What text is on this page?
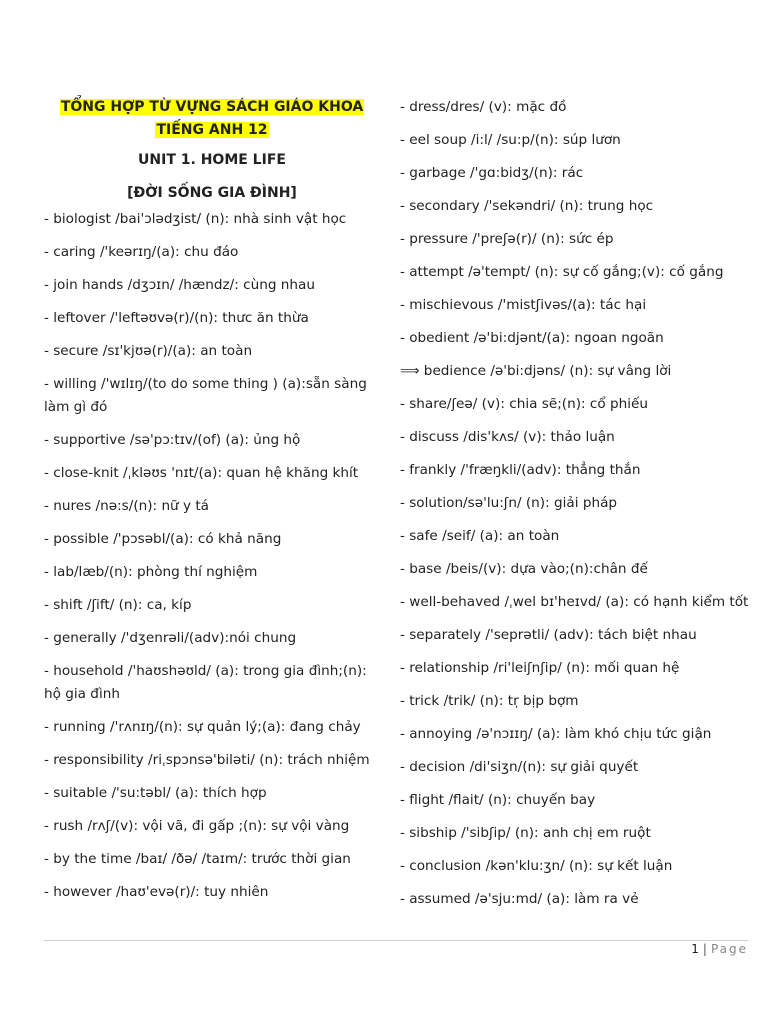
TỔNG HỢP TỪ VỰNG SÁCH GIÁO KHOA
TIẾNG ANH 12
UNIT 1. HOME LIFE
[ĐỜI SỐNG GIA ĐÌNH]
- biologist /bai'ɔlədʒist/ (n): nhà sinh vật học
- caring /'keərɪŋ/(a): chu đáo
- join hands /dʒɔɪn/ /hændz/: cùng nhau
- leftover /'leftəʊvə(r)/(n): thưc ăn thừa
- secure /sɪ'kjʊə(r)/(a): an toàn
- willing /'wɪlɪŋ/(to do some thing ) (a):sẵn sàng làm gì đó
- supportive /sə'pɔ:tɪv/(of) (a): ủng hộ
- close-knit /ˌkləʊs 'nɪt/(a): quan hệ khăng khít
- nures /nə:s/(n): nữ y tá
- possible /'pɔsəbl/(a): có khả năng
- lab/læb/(n): phòng thí nghiệm
- shift /ʃift/ (n): ca, kíp
- generally /'dʒenrəli/(adv):nói chung
- household /'haʊshəʊld/ (a): trong gia đình;(n): hộ gia đình
- running /'rʌnɪŋ/(n): sự quản lý;(a): đang chảy
- responsibility /riˌspɔnsə'biləti/ (n): trách nhiệm
- suitable /'su:təbl/ (a): thích hợp
- rush /rʌʃ/(v): vội vã, đi gấp ;(n): sự vội vàng
- by the time /baɪ/ /ðə/ /taɪm/: trước thời gian
- however /haʊ'evə(r)/: tuy nhiên
- dress/dres/ (v): mặc đồ
- eel soup /i:l/ /su:p/(n): súp lươn
- garbage /'gɑ:bidʒ/(n): rác
- secondary /'sekəndri/ (n): trung học
- pressure /'preʃə(r)/ (n): sức ép
- attempt /ə'tempt/ (n): sự cố gắng;(v): cố gắng
- mischievous /'mistʃivəs/(a): tác hại
- obedient /ə'bi:djənt/(a): ngoan ngoãn
⟹ bedience /ə'bi:djəns/ (n): sự vâng lời
- share/ʃeə/ (v): chia sẽ;(n): cổ phiếu
- discuss /dis'kʌs/ (v): thảo luận
- frankly /'fræŋkli/(adv): thẳng thắn
- solution/sə'lu:ʃn/ (n): giải pháp
- safe /seif/ (a): an toàn
- base /beis/(v): dựa vào;(n):chân đế
- well-behaved /ˌwel bɪ'heɪvd/ (a): có hạnh kiểm tốt
- separately /'seprətli/ (adv): tách biệt nhau
- relationship /ri'leiʃnʃip/ (n): mối quan hệ
- trick /trik/ (n): tr̩ bịp bợm
- annoying /ə'nɔɪɪŋ/ (a): làm khó chịu tức giận
- decision /di'siʒn/(n): sự giải quyết
- flight /flait/ (n): chuyến bay
- sibship /'sibʃip/ (n): anh chị em ruột
- conclusion /kən'klu:ʒn/ (n): sự kết luận
- assumed /ə'sju:md/ (a): làm ra vẻ
1 | Page
